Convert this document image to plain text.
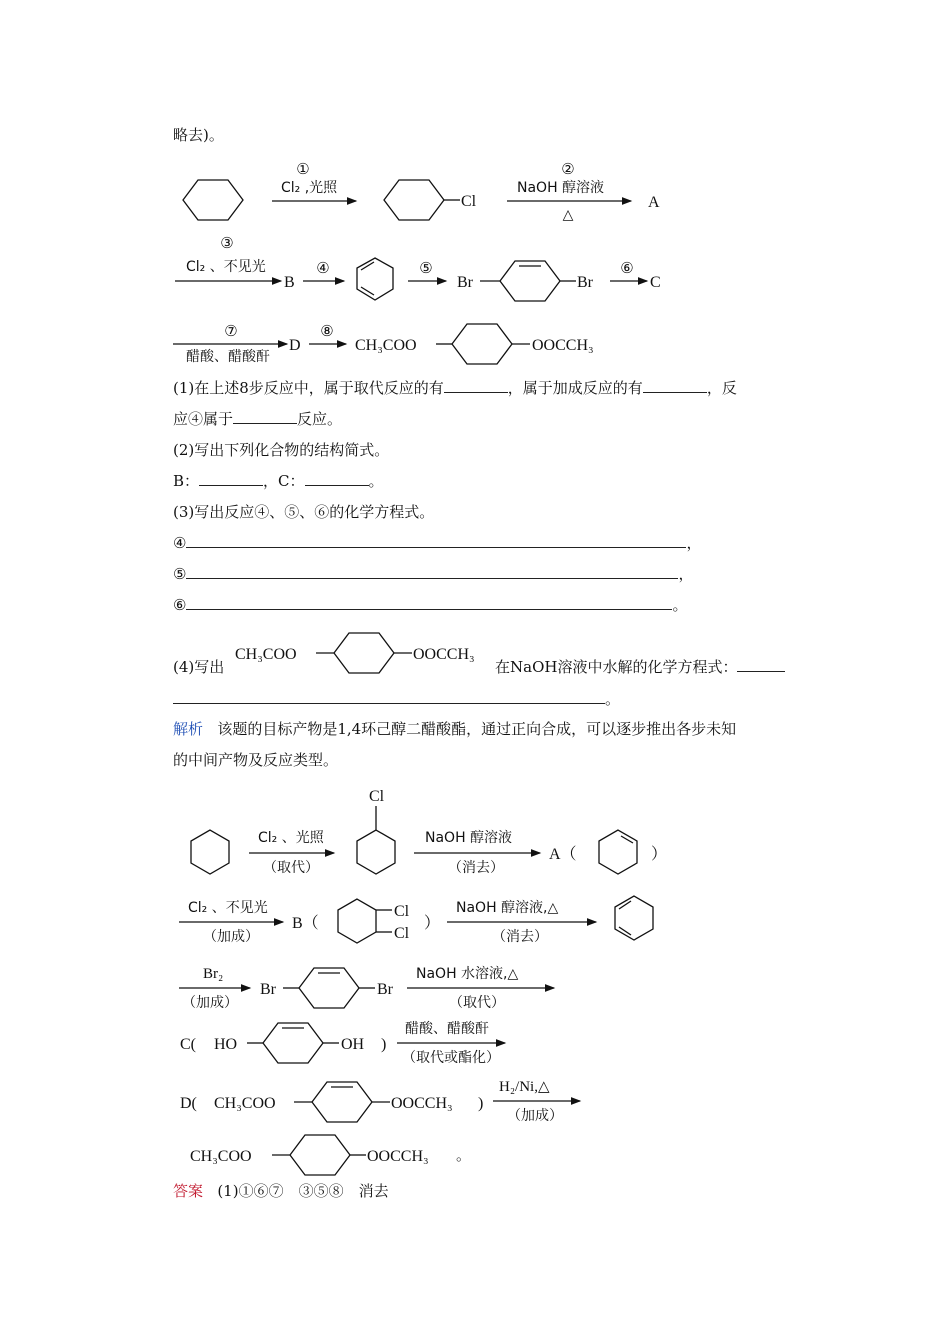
略去)。
①
Cl₂ ,光照
Cl
②
NaOH 醇溶液
△
A
③
Cl₂ 、不见光
B
④	⑤
Br	Br
⑥
C
⑦
醋酸、醋酸酐
D
⑧
CH₃COO	OOCCH₃
(1)在上述8步反应中，属于取代反应的有	，属于加成反应的有	，反
应④属于	反应。
(2)写出下列化合物的结构简式。
B：	，C：	。
(3)写出反应④、⑤、⑥的化学方程式。
④	，
⑤	，
⑥	。
(4)写出
CH₃COO	OOCCH₃
在NaOH溶液中水解的化学方程式：
。
解析 该题的目标产物是1,4环己醇二醋酸酯，通过正向合成，可以逐步推出各步未知
的中间产物及反应类型。
Cl₂ 、光照
（取代）
Cl
NaOH 醇溶液
（消去）
A（	）
Cl₂ 、不见光
（加成）
B（
Cl
Cl
）
NaOH 醇溶液,△
（消去）
Br₂
（加成）
Br	Br
NaOH 水溶液,△
（取代）
C( HO	OH )
醋酸、醋酸酐
（取代或酯化）
D( CH₃COO	OOCCH₃ )
H₂/Ni,△
（加成）
CH₃COO	OOCCH₃ 。
答案 (1)①⑥⑦　③⑤⑧　消去
